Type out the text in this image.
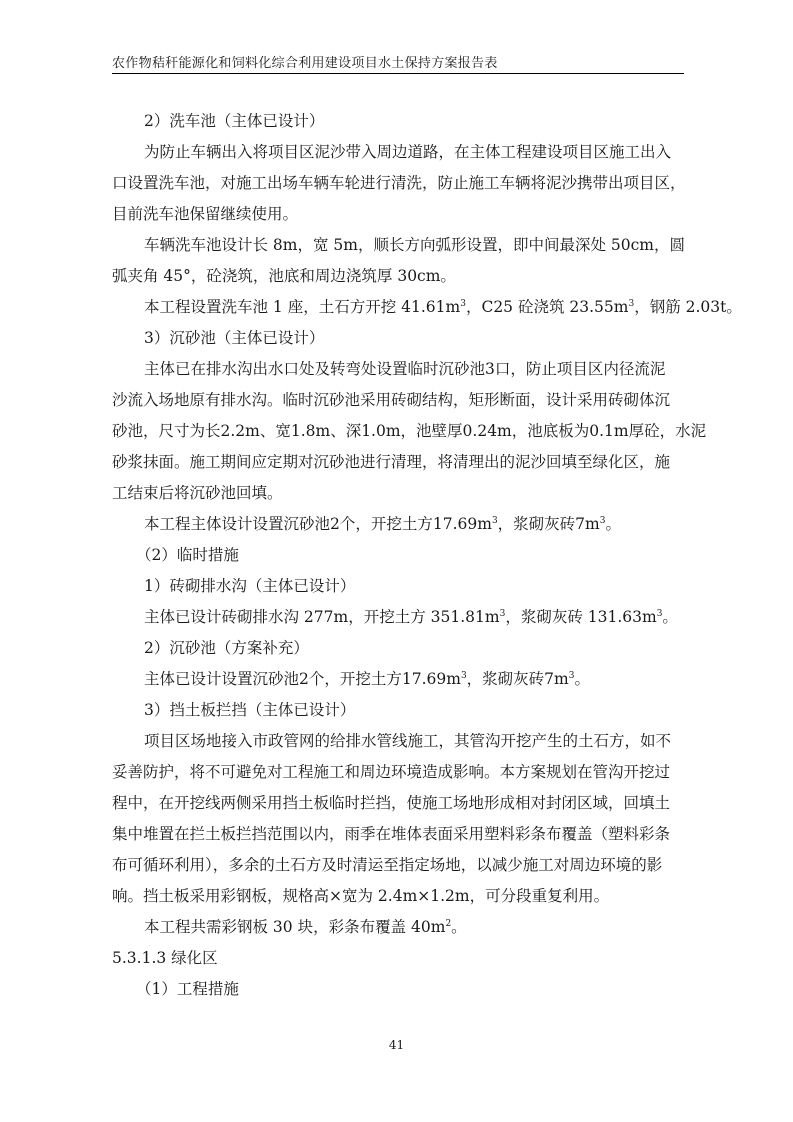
农作物秸秆能源化和饲料化综合利用建设项目水土保持方案报告表
2）洗车池（主体已设计）
为防止车辆出入将项目区泥沙带入周边道路，在主体工程建设项目区施工出入
口设置洗车池，对施工出场车辆车轮进行清洗，防止施工车辆将泥沙携带出项目区，
目前洗车池保留继续使用。
车辆洗车池设计长 8m，宽 5m，顺长方向弧形设置，即中间最深处 50cm，圆
弧夹角 45°，砼浇筑，池底和周边浇筑厚 30cm。
本工程设置洗车池 1 座，土石方开挖 $41.61m^3$，C25 砼浇筑 $23.55m^3$，钢筋 2.03t。
3）沉砂池（主体已设计）
主体已在排水沟出水口处及转弯处设置临时沉砂池3口，防止项目区内径流泥
沙流入场地原有排水沟。临时沉砂池采用砖砌结构，矩形断面，设计采用砖砌体沉
砂池，尺寸为长2.2m、宽1.8m、深1.0m，池壁厚0.24m，池底板为0.1m厚砼，水泥
砂浆抹面。施工期间应定期对沉砂池进行清理，将清理出的泥沙回填至绿化区，施
工结束后将沉砂池回填。
本工程主体设计设置沉砂池2个，开挖土方$17.69m^3$，浆砌灰砖$7m^3$。
（2）临时措施
1）砖砌排水沟（主体已设计）
主体已设计砖砌排水沟 277m，开挖土方 $351.81m^3$，浆砌灰砖 $131.63m^3$。
2）沉砂池（方案补充）
主体已设计设置沉砂池2个，开挖土方$17.69m^3$，浆砌灰砖$7m^3$。
3）挡土板拦挡（主体已设计）
项目区场地接入市政管网的给排水管线施工，其管沟开挖产生的土石方，如不
妥善防护，将不可避免对工程施工和周边环境造成影响。本方案规划在管沟开挖过
程中，在开挖线两侧采用挡土板临时拦挡，使施工场地形成相对封闭区域，回填土
集中堆置在拦土板拦挡范围以内，雨季在堆体表面采用塑料彩条布覆盖（塑料彩条
布可循环利用），多余的土石方及时清运至指定场地，以减少施工对周边环境的影
响。挡土板采用彩钢板，规格高×宽为 2.4m×1.2m，可分段重复利用。
本工程共需彩钢板 30 块，彩条布覆盖 $40m^2$。
5.3.1.3 绿化区
（1）工程措施
41
